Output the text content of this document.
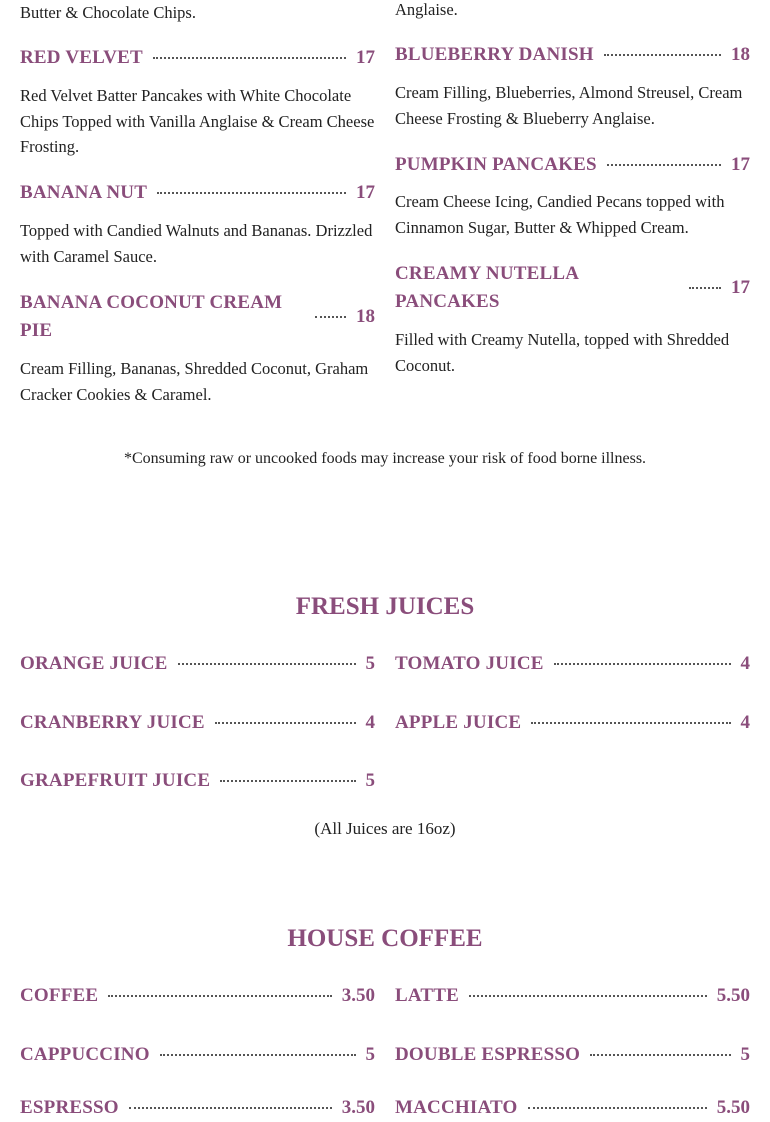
Butter & Chocolate Chips.	Anglaise.
RED VELVET	17
Red Velvet Batter Pancakes with White Chocolate Chips Topped with Vanilla Anglaise & Cream Cheese Frosting.
BANANA NUT	17
Topped with Candied Walnuts and Bananas. Drizzled with Caramel Sauce.
BANANA COCONUT CREAM PIE
18
Cream Filling, Bananas, Shredded Coconut, Graham Cracker Cookies & Caramel.
BLUEBERRY DANISH	18
Cream Filling, Blueberries, Almond Streusel, Cream Cheese Frosting & Blueberry Anglaise.
PUMPKIN PANCAKES	17
Cream Cheese Icing, Candied Pecans topped with Cinnamon Sugar, Butter & Whipped Cream.
CREAMY NUTELLA PANCAKES
17
Filled with Creamy Nutella, topped with Shredded Coconut.
*Consuming raw or uncooked foods may increase your risk of food borne illness.
FRESH JUICES
ORANGE JUICE	5 TOMATO JUICE	4
CRANBERRY JUICE	4 APPLE JUICE	4
GRAPEFRUIT JUICE	5
(All Juices are 16oz)
HOUSE COFFEE
COFFEE	3.50 LATTE	5.50
CAPPUCCINO	5 DOUBLE ESPRESSO	5
ESPRESSO	3.50 MACCHIATO	5.50
